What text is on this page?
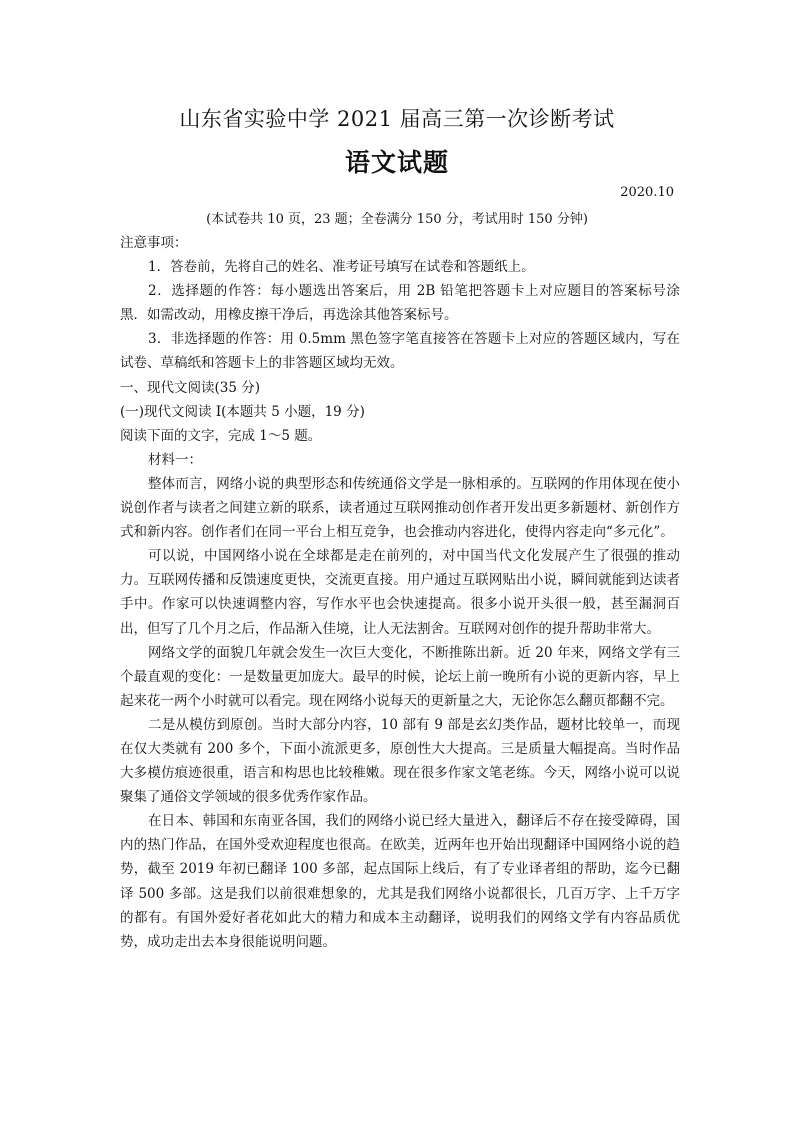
山东省实验中学 2021 届高三第一次诊断考试
语文试题
2020.10
(本试卷共 10 页，23 题；全卷满分 150 分，考试用时 150 分钟)

注意事项：

1．答卷前，先将自己的姓名、准考证号填写在试卷和答题纸上。

2．选择题的作答：每小题选出答案后，用 2B 铅笔把答题卡上对应题目的答案标号涂黑．如需改动，用橡皮擦干净后，再选涂其他答案标号。

3．非选择题的作答：用 0.5mm 黑色签字笔直接答在答题卡上对应的答题区域内，写在试卷、草稿纸和答题卡上的非答题区域均无效。

一、现代文阅读(35 分)

(一)现代文阅读 I(本题共 5 小题，19 分)

阅读下面的文字，完成 1～5 题。

材料一：

整体而言，网络小说的典型形态和传统通俗文学是一脉相承的。互联网的作用体现在使小说创作者与读者之间建立新的联系，读者通过互联网推动创作者开发出更多新题材、新创作方式和新内容。创作者们在同一平台上相互竞争，也会推动内容进化，使得内容走向“多元化”。

可以说，中国网络小说在全球都是走在前列的，对中国当代文化发展产生了很强的推动力。互联网传播和反馈速度更快，交流更直接。用户通过互联网贴出小说，瞬间就能到达读者手中。作家可以快速调整内容，写作水平也会快速提高。很多小说开头很一般，甚至漏洞百出，但写了几个月之后，作品渐入佳境，让人无法割舍。互联网对创作的提升帮助非常大。

网络文学的面貌几年就会发生一次巨大变化，不断推陈出新。近 20 年来，网络文学有三个最直观的变化：一是数量更加庞大。最早的时候，论坛上前一晚所有小说的更新内容，早上起来花一两个小时就可以看完。现在网络小说每天的更新量之大，无论你怎么翻页都翻不完。

二是从模仿到原创。当时大部分内容，10 部有 9 部是玄幻类作品，题材比较单一，而现在仅大类就有 200 多个，下面小流派更多，原创性大大提高。三是质量大幅提高。当时作品大多模仿痕迹很重，语言和构思也比较稚嫩。现在很多作家文笔老练。今天，网络小说可以说聚集了通俗文学领域的很多优秀作家作品。

在日本、韩国和东南亚各国，我们的网络小说已经大量进入，翻译后不存在接受障碍，国内的热门作品，在国外受欢迎程度也很高。在欧美，近两年也开始出现翻译中国网络小说的趋势，截至 2019 年初已翻译 100 多部，起点国际上线后，有了专业译者组的帮助，迄今已翻译 500 多部。这是我们以前很难想象的，尤其是我们网络小说都很长，几百万字、上千万字的都有。有国外爱好者花如此大的精力和成本主动翻译，说明我们的网络文学有内容品质优势，成功走出去本身很能说明问题。
